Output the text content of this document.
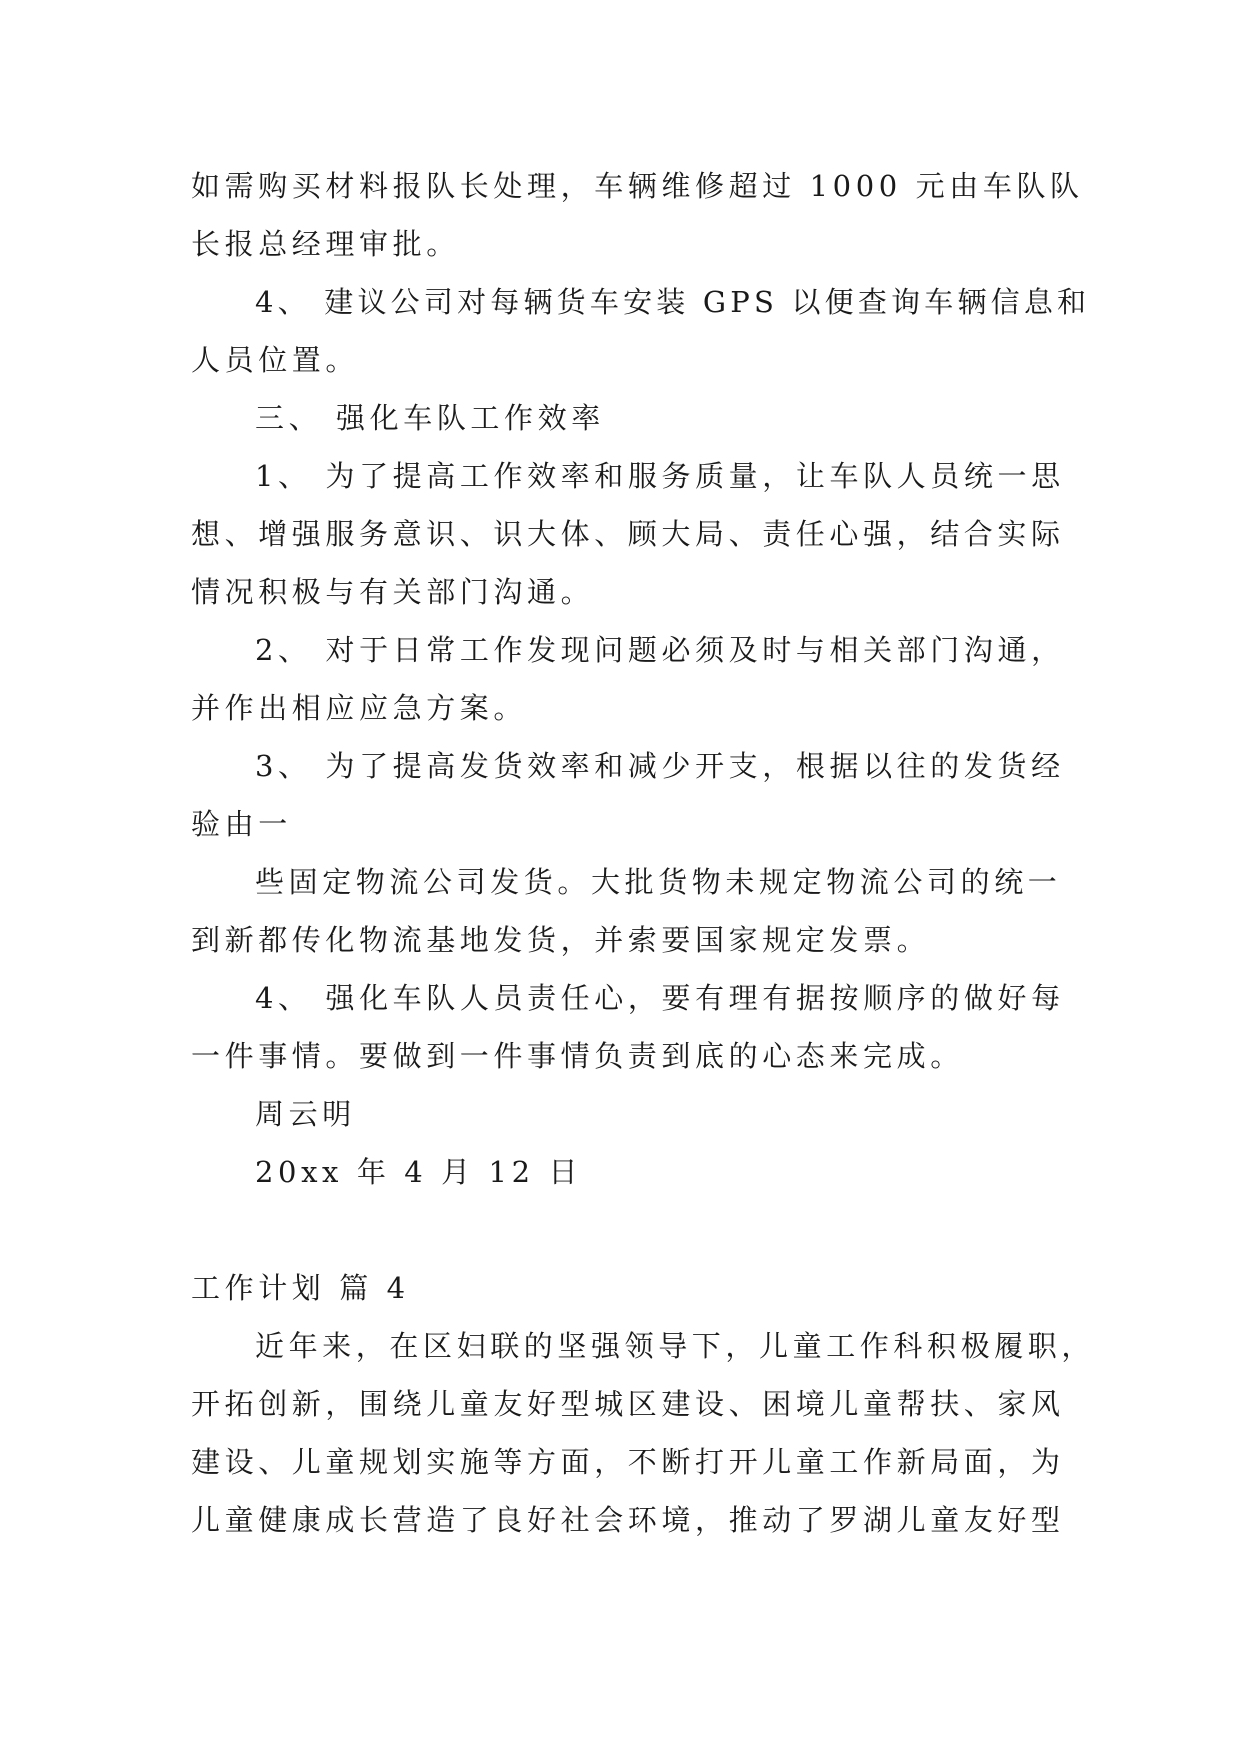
如需购买材料报队长处理，车辆维修超过 1000 元由车队队

长报总经理审批。

4、 建议公司对每辆货车安装 GPS 以便查询车辆信息和

人员位置。

三、 强化车队工作效率

1、 为了提高工作效率和服务质量，让车队人员统一思

想、增强服务意识、识大体、顾大局、责任心强，结合实际

情况积极与有关部门沟通。

2、 对于日常工作发现问题必须及时与相关部门沟通，

并作出相应应急方案。

3、 为了提高发货效率和减少开支，根据以往的发货经

验由一

些固定物流公司发货。大批货物未规定物流公司的统一

到新都传化物流基地发货，并索要国家规定发票。

4、 强化车队人员责任心，要有理有据按顺序的做好每

一件事情。要做到一件事情负责到底的心态来完成。

周云明

20xx 年 4 月 12 日

工作计划 篇 4

近年来，在区妇联的坚强领导下，儿童工作科积极履职，

开拓创新，围绕儿童友好型城区建设、困境儿童帮扶、家风

建设、儿童规划实施等方面，不断打开儿童工作新局面，为

儿童健康成长营造了良好社会环境，推动了罗湖儿童友好型
